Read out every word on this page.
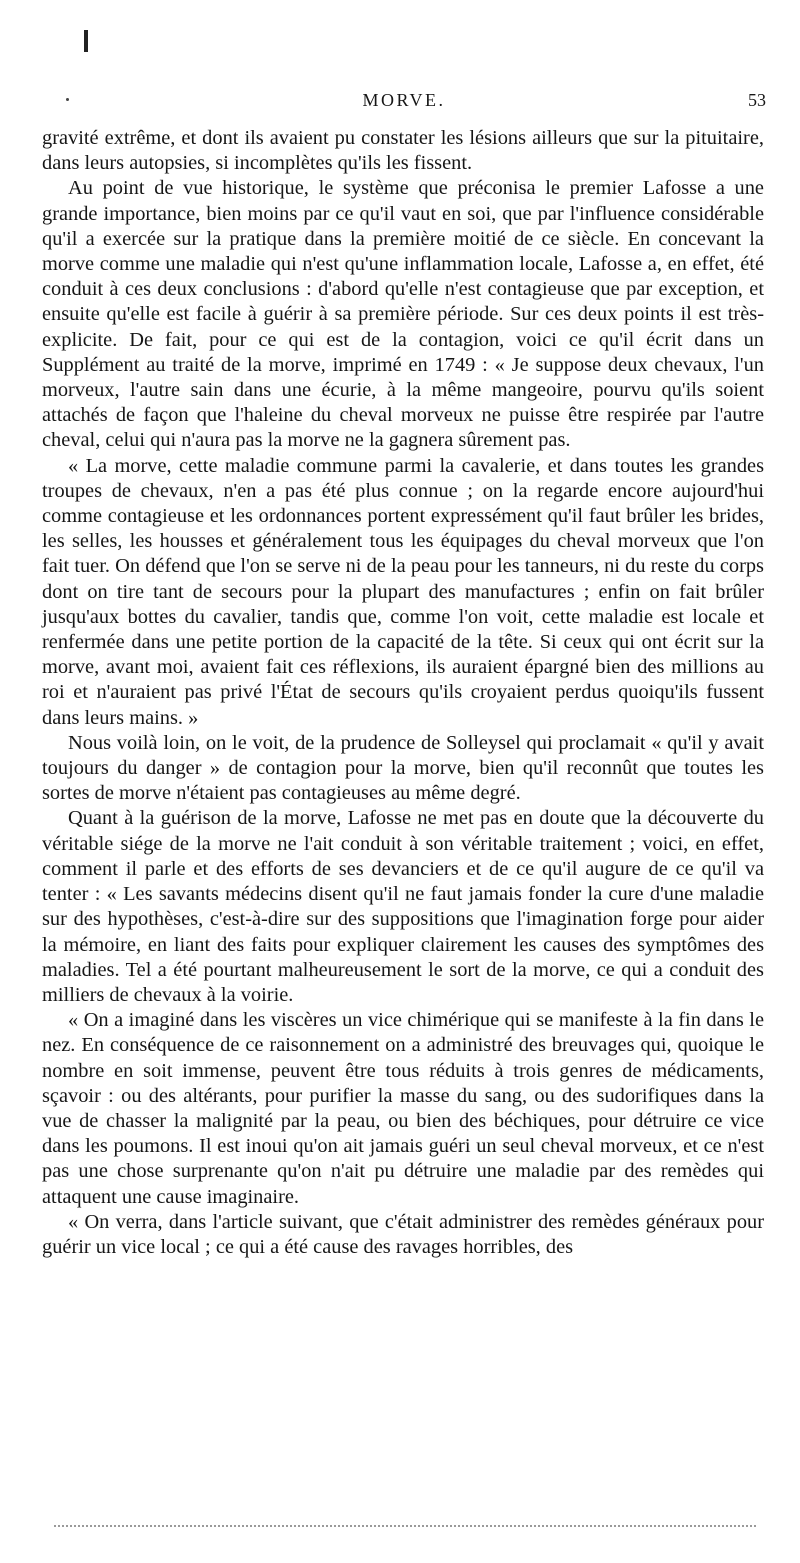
MORVE.	53

gravité extrême, et dont ils avaient pu constater les lésions ailleurs que sur la pituitaire, dans leurs autopsies, si incomplètes qu'ils les fissent.

Au point de vue historique, le système que préconisa le premier Lafosse a une grande importance, bien moins par ce qu'il vaut en soi, que par l'influence considérable qu'il a exercée sur la pratique dans la première moitié de ce siècle. En concevant la morve comme une maladie qui n'est qu'une inflammation locale, Lafosse a, en effet, été conduit à ces deux conclusions : d'abord qu'elle n'est contagieuse que par exception, et ensuite qu'elle est facile à guérir à sa première période. Sur ces deux points il est très-explicite. De fait, pour ce qui est de la contagion, voici ce qu'il écrit dans un Supplément au traité de la morve, imprimé en 1749 : « Je suppose deux chevaux, l'un morveux, l'autre sain dans une écurie, à la même mangeoire, pourvu qu'ils soient attachés de façon que l'haleine du cheval morveux ne puisse être respirée par l'autre cheval, celui qui n'aura pas la morve ne la gagnera sûrement pas.

« La morve, cette maladie commune parmi la cavalerie, et dans toutes les grandes troupes de chevaux, n'en a pas été plus connue ; on la regarde encore aujourd'hui comme contagieuse et les ordonnances portent expressément qu'il faut brûler les brides, les selles, les housses et généralement tous les équipages du cheval morveux que l'on fait tuer. On défend que l'on se serve ni de la peau pour les tanneurs, ni du reste du corps dont on tire tant de secours pour la plupart des manufactures ; enfin on fait brûler jusqu'aux bottes du cavalier, tandis que, comme l'on voit, cette maladie est locale et renfermée dans une petite portion de la capacité de la tête. Si ceux qui ont écrit sur la morve, avant moi, avaient fait ces réflexions, ils auraient épargné bien des millions au roi et n'auraient pas privé l'État de secours qu'ils croyaient perdus quoiqu'ils fussent dans leurs mains. »

Nous voilà loin, on le voit, de la prudence de Solleysel qui proclamait « qu'il y avait toujours du danger » de contagion pour la morve, bien qu'il reconnût que toutes les sortes de morve n'étaient pas contagieuses au même degré.

Quant à la guérison de la morve, Lafosse ne met pas en doute que la découverte du véritable siége de la morve ne l'ait conduit à son véritable traitement ; voici, en effet, comment il parle et des efforts de ses devanciers et de ce qu'il augure de ce qu'il va tenter : « Les savants médecins disent qu'il ne faut jamais fonder la cure d'une maladie sur des hypothèses, c'est-à-dire sur des suppositions que l'imagination forge pour aider la mémoire, en liant des faits pour expliquer clairement les causes des symptômes des maladies. Tel a été pourtant malheureusement le sort de la morve, ce qui a conduit des milliers de chevaux à la voirie.

« On a imaginé dans les viscères un vice chimérique qui se manifeste à la fin dans le nez. En conséquence de ce raisonnement on a administré des breuvages qui, quoique le nombre en soit immense, peuvent être tous réduits à trois genres de médicaments, sçavoir : ou des altérants, pour purifier la masse du sang, ou des sudorifiques dans la vue de chasser la malignité par la peau, ou bien des béchiques, pour détruire ce vice dans les poumons. Il est inoui qu'on ait jamais guéri un seul cheval morveux, et ce n'est pas une chose surprenante qu'on n'ait pu détruire une maladie par des remèdes qui attaquent une cause imaginaire.

« On verra, dans l'article suivant, que c'était administrer des remèdes généraux pour guérir un vice local ; ce qui a été cause des ravages horribles, des
